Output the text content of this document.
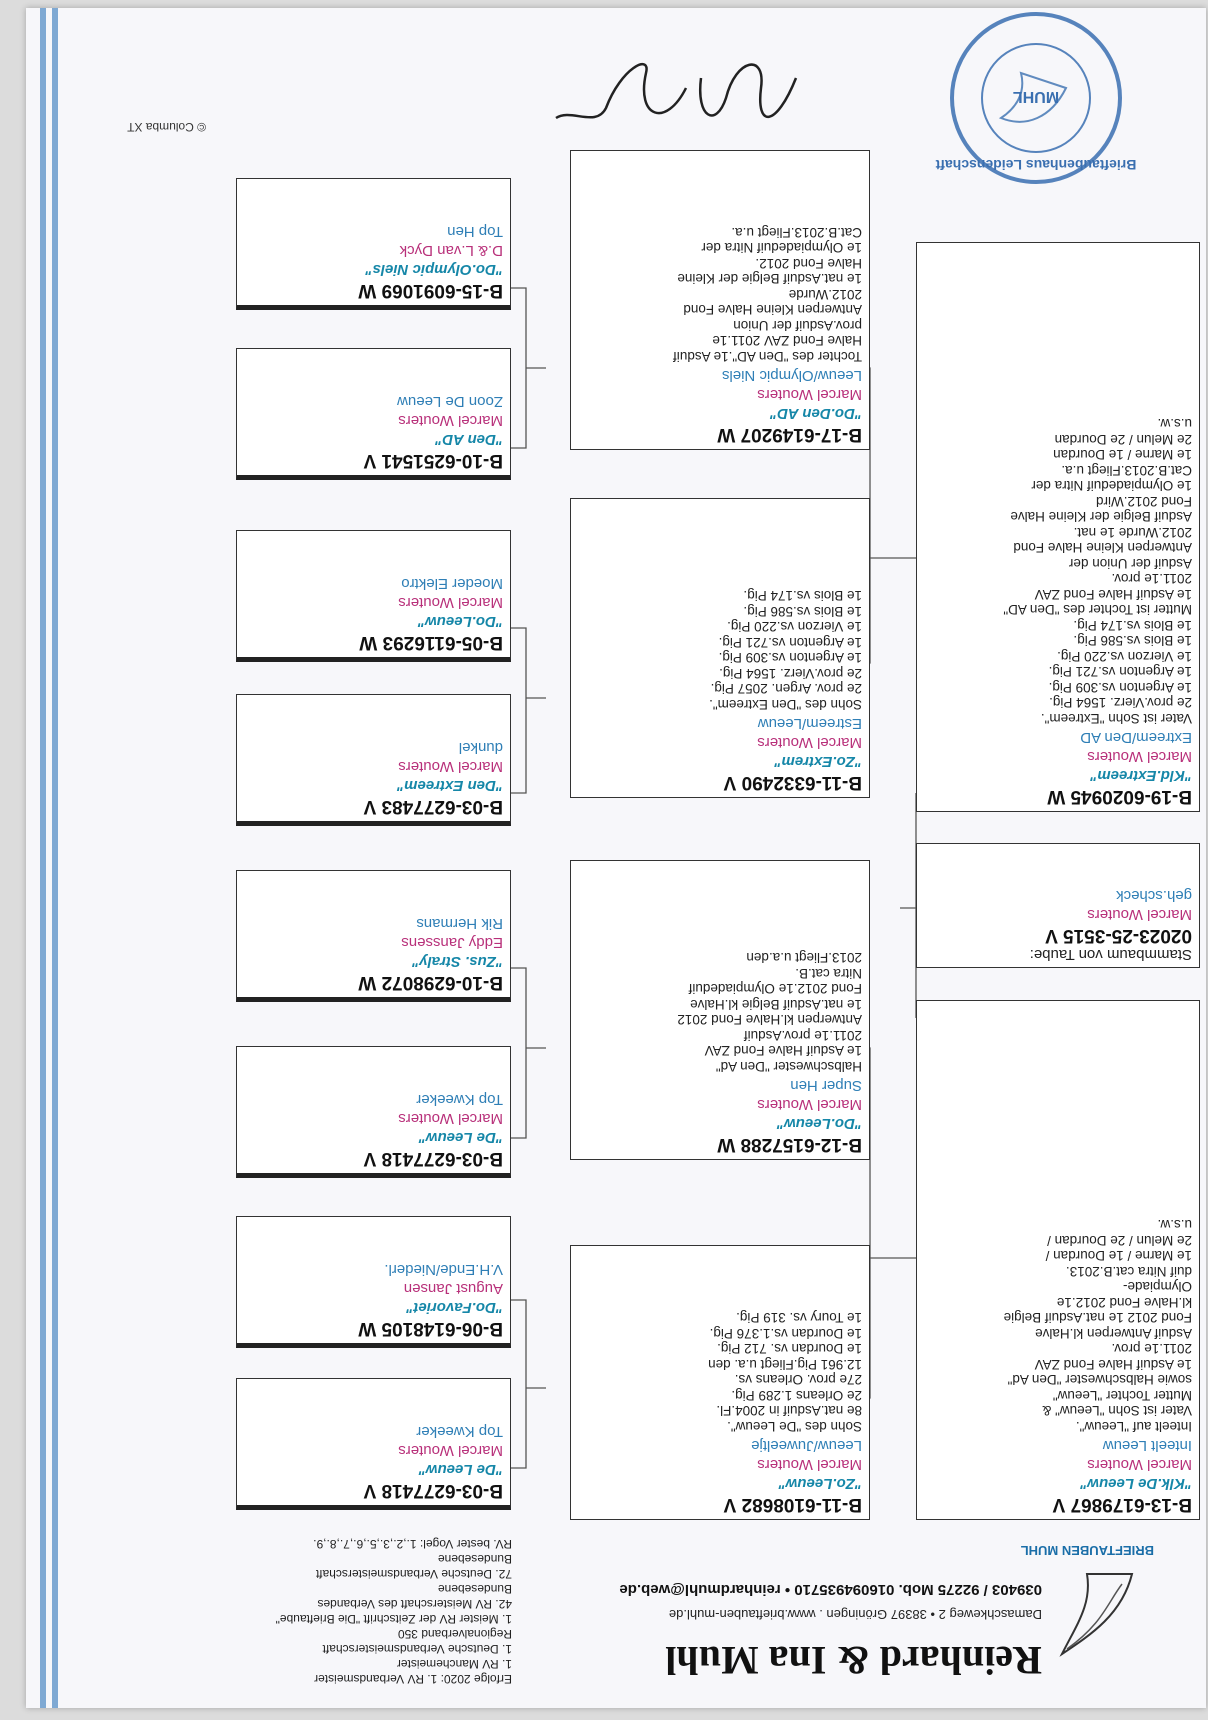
BRIEFTAUBEN MUHL
Reinhard & Ina Muhl
Damaschkeweg 2 • 38397 Gröningen . www.brieftauben-muhl.de
039403 / 92275 Mob. 01609493571​0 • reinhardmuhl@web.de
Erfolge 2020: 1. RV Verbandsmeister
1. RV Manchemeister
1. Deutsche Verbandsmeisterschaft
Regionalverband 350
1. Meister RV der Zeitschrift "Die Brieftaube"
42. RV Meisterschaft des Verbandes
Bundesebene
72. Deutsche Verbandsmeisterschaft
Bundesebene
RV. bester Vogel: 1.,2.,3.,5.,6.,7.,8.,9.
B-13-6179867 V
"Klk.De Leeuw"
Marcel Wouters
Inteelt Leeuw
Inteelt auf "Leeuw".
Vater ist Sohn "Leeuw" &
Mutter Tochter "Leeuw"
sowie Halbschwester "Den Ad"
1e Asduif Halve Fond ZAV
2011.1e prov.
Asduif Antwerpen kl.Halve
Fond 2012 1e nat.Asduif Belgie
kl.Halve Fond 2012.1e
Olympiade-
duif Nitra cat.B.2013.
1e Marne / 1e Dourdan /
2e Melun / 2e Dourdan /
u.s.w.
Stammbaum von Taube:
02023-25-3515 V
Marcel Wouters
geh.scheck
B-19-6020945 W
"Kld.Extreem"
Marcel Wouters
Extreem/Den AD
Vater ist Sohn "Extreem".
2e prov.Vierz. 1564 Pig.
1e Argenton vs.309 Pig.
1e Argenton vs.721 Pig.
1e Vierzon vs.220 Pig.
1e Blois vs.586 Pig.
1e Blois vs.174 Pig.
Mutter ist Tochter des "Den AD"
1e Asduif Halve Fond ZAV
2011.1e prov.
Asduif der Union der
Antwerpen Kleine Halve Fond
2012.Wurde 1e nat.
Asduif Belgie der Kleine Halve
Fond 2012.Wird
1e Olympiadeduif Nitra der
Cat.B.2013.Fliegt u.a.
1e Marne / 1e Dourdan
2e Melun / 2e Dourdan
u.s.w.
B-11-6108682 V
"Zo.Leeuw"
Marcel Wouters
Leeuw/Juweeltje
Sohn des "De Leeuw".
8e nat.Asduif in 2004.Fl.
2e Orleans 1.289 Pig.
27e prov. Orleans vs.
12.961 Pig.Fliegt u.a. den
1e Dourdan vs. 712 Pig.
1e Dourdan vs.1.376 Pig.
1e Toury vs. 319 Pig.
B-12-6157288 W
"Do.Leeuw"
Marcel Wouters
Super Hen
Halbschwester "Den Ad"
1e Asduif Halve Fond ZAV
2011.1e prov.Asduif
Antwerpen kl.Halve Fond 2012
1e nat.Asduif Belgie kl.Halve
Fond 2012.1e Olympiadeduif
Nitra cat.B.
2013.Fliegt u.a.den
B-11-6332490 V
"Zo.Extrem"
Marcel Wouters
Estreem/Leeuw
Sohn des "Den Extreem".
2e prov. Argen. 2057 Pig.
2e prov.Vierz. 1564 Pig.
1e Argenton vs.309 Pig.
1e Argenton vs.721 Pig.
1e Vierzon vs.220 Pig.
1e Blois vs.586 Pig.
1e Blois vs.174 Pig.
B-17-6149207 W
"Do.Den AD"
Marcel Wouters
Leeuw/Olympic Niels
Tochter des "Den AD".1e Asduif
Halve Fond ZAV 2011.1e
prov.Asduif der Union
Antwerpen Kleine Halve Fond
2012.Wurde
1e nat.Asduif Belgie der Kleine
Halve Fond 2012.
1e Olympiadeduif Nitra der
Cat.B.2013.Fliegt u.a.
B-03-6277418 V
"De Leeuw"
Marcel Wouters
Top Kweeker
B-06-6148105 W
"Do.Favoriet"
August Jansen
V.H.Ende/Niederl.
B-03-6277418 V
"De Leeuw"
Marcel Wouters
Top Kweeker
B-10-6298072 W
"Zus. Straly"
Eddy Janssens
Rik Hermans
B-03-6277483 V
"Den Extreem"
Marcel Wouters
dunkel
B-05-6116293 W
"Do.Leeuw"
Marcel Wouters
Moeder Elektro
B-10-6251541 V
"Den AD"
Marcel Wouters
Zoon De Leeuw
B-15-6091069 W
"Do.Olympic Niels"
D.& L.van Dyck
Top Hen
Brieftaubenhaus Leidenschaft
MUHL
© Columba XT
